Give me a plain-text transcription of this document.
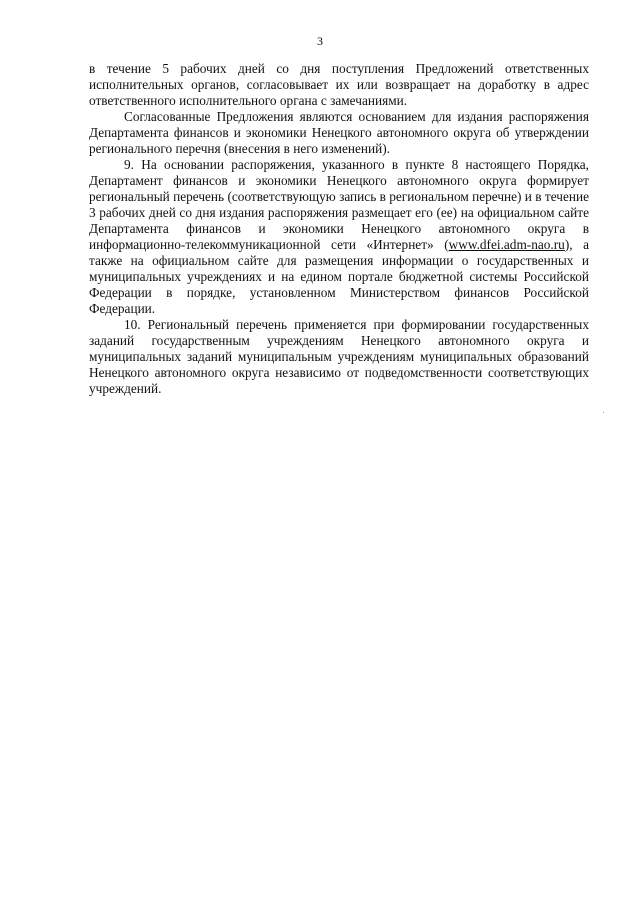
3

в течение 5 рабочих дней со дня поступления Предложений ответственных исполнительных органов, согласовывает их или возвращает на доработку в адрес ответственного исполнительного органа с замечаниями.

Согласованные Предложения являются основанием для издания распоряжения Департамента финансов и экономики Ненецкого автономного округа об утверждении регионального перечня (внесения в него изменений).

9. На основании распоряжения, указанного в пункте 8 настоящего Порядка, Департамент финансов и экономики Ненецкого автономного округа формирует региональный перечень (соответствующую запись в региональном перечне) и в течение 3 рабочих дней со дня издания распоряжения размещает его (ее) на официальном сайте Департамента финансов и экономики Ненецкого автономного округа в информационно-телекоммуникационной сети «Интернет» (www.dfei.adm-nao.ru), а также на официальном сайте для размещения информации о государственных и муниципальных учреждениях и на едином портале бюджетной системы Российской Федерации в порядке, установленном Министерством финансов Российской Федерации.

10. Региональный перечень применяется при формировании государственных заданий государственным учреждениям Ненецкого автономного округа и муниципальных заданий муниципальным учреждениям муниципальных образований Ненецкого автономного округа независимо от подведомственности соответствующих учреждений.
